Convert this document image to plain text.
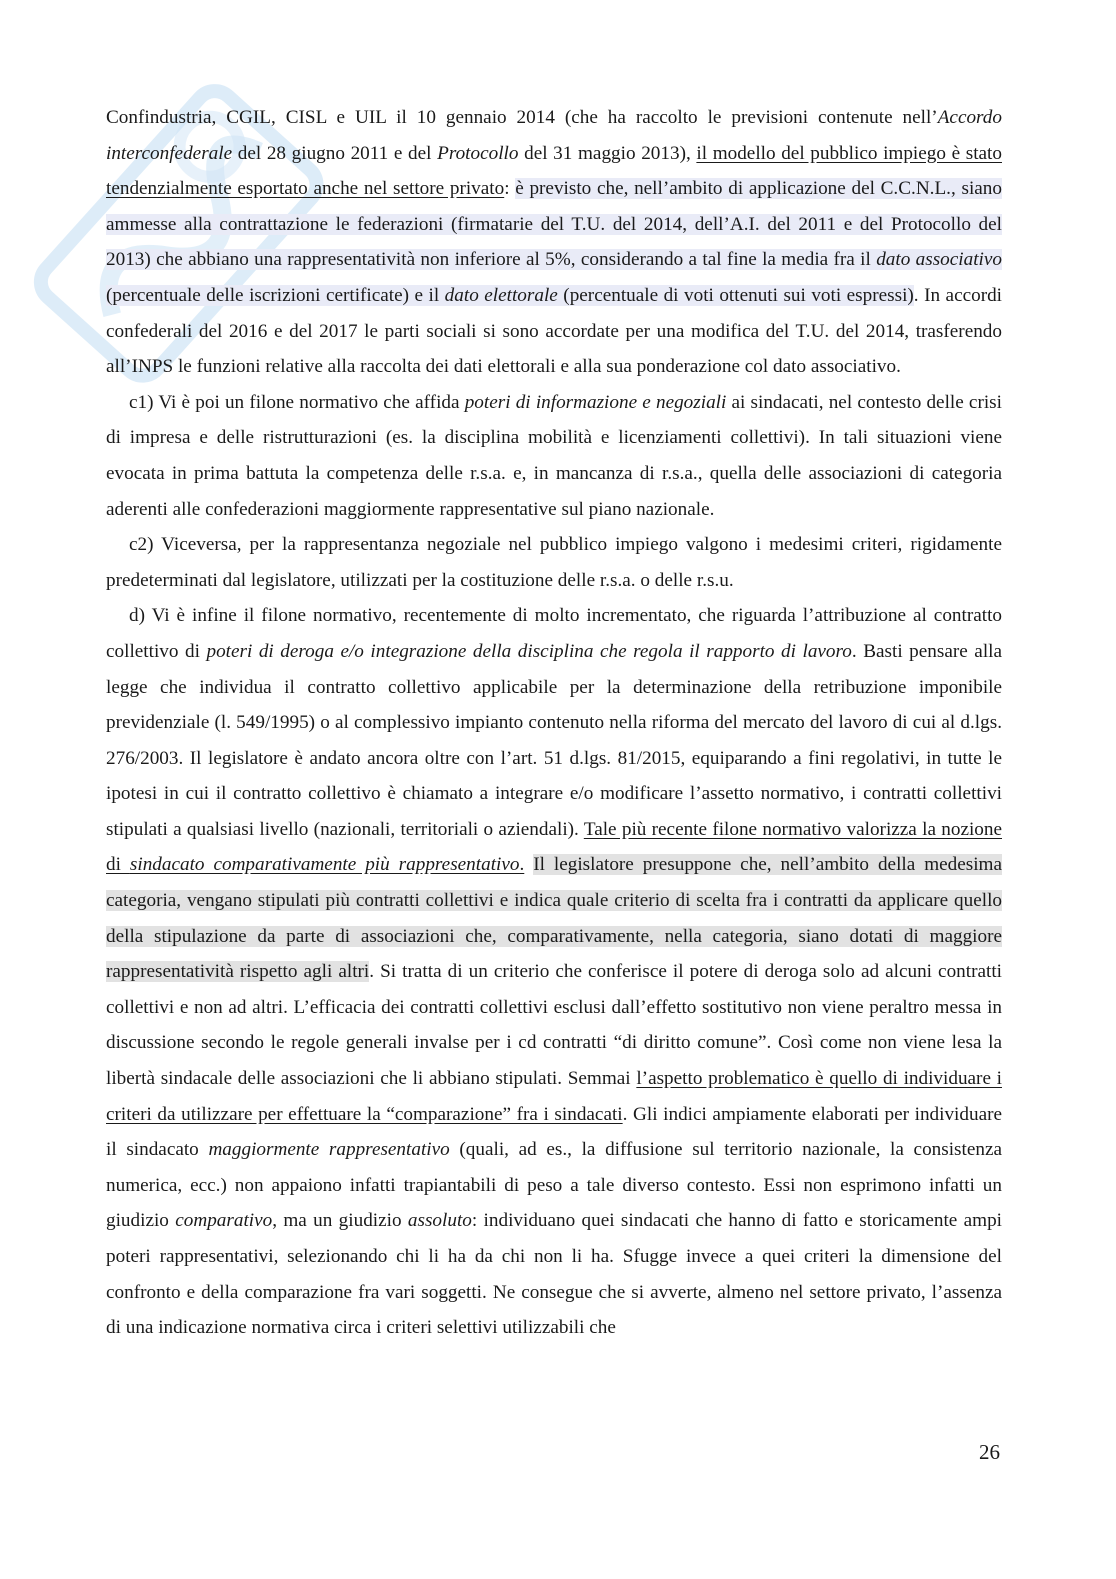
Confindustria, CGIL, CISL e UIL il 10 gennaio 2014 (che ha raccolto le previsioni contenute nell’Accordo interconfederale del 28 giugno 2011 e del Protocollo del 31 maggio 2013), il modello del pubblico impiego è stato tendenzialmente esportato anche nel settore privato: è previsto che, nell’ambito di applicazione del C.C.N.L., siano ammesse alla contrattazione le federazioni (firmatarie del T.U. del 2014, dell’A.I. del 2011 e del Protocollo del 2013) che abbiano una rappresentatività non inferiore al 5%, considerando a tal fine la media fra il dato associativo (percentuale delle iscrizioni certificate) e il dato elettorale (percentuale di voti ottenuti sui voti espressi). In accordi confederali del 2016 e del 2017 le parti sociali si sono accordate per una modifica del T.U. del 2014, trasferendo all’INPS le funzioni relative alla raccolta dei dati elettorali e alla sua ponderazione col dato associativo.

c1) Vi è poi un filone normativo che affida poteri di informazione e negoziali ai sindacati, nel contesto delle crisi di impresa e delle ristrutturazioni (es. la disciplina mobilità e licenziamenti collettivi). In tali situazioni viene evocata in prima battuta la competenza delle r.s.a. e, in mancanza di r.s.a., quella delle associazioni di categoria aderenti alle confederazioni maggiormente rappresentative sul piano nazionale.

c2) Viceversa, per la rappresentanza negoziale nel pubblico impiego valgono i medesimi criteri, rigidamente predeterminati dal legislatore, utilizzati per la costituzione delle r.s.a. o delle r.s.u.

d) Vi è infine il filone normativo, recentemente di molto incrementato, che riguarda l’attribuzione al contratto collettivo di poteri di deroga e/o integrazione della disciplina che regola il rapporto di lavoro. Basti pensare alla legge che individua il contratto collettivo applicabile per la determinazione della retribuzione imponibile previdenziale (l. 549/1995) o al complessivo impianto contenuto nella riforma del mercato del lavoro di cui al d.lgs. 276/2003. Il legislatore è andato ancora oltre con l’art. 51 d.lgs. 81/2015, equiparando a fini regolativi, in tutte le ipotesi in cui il contratto collettivo è chiamato a integrare e/o modificare l’assetto normativo, i contratti collettivi stipulati a qualsiasi livello (nazionali, territoriali o aziendali). Tale più recente filone normativo valorizza la nozione di sindacato comparativamente più rappresentativo. Il legislatore presuppone che, nell’ambito della medesima categoria, vengano stipulati più contratti collettivi e indica quale criterio di scelta fra i contratti da applicare quello della stipulazione da parte di associazioni che, comparativamente, nella categoria, siano dotati di maggiore rappresentatività rispetto agli altri. Si tratta di un criterio che conferisce il potere di deroga solo ad alcuni contratti collettivi e non ad altri. L’efficacia dei contratti collettivi esclusi dall’effetto sostitutivo non viene peraltro messa in discussione secondo le regole generali invalse per i cd contratti “di diritto comune”. Così come non viene lesa la libertà sindacale delle associazioni che li abbiano stipulati. Semmai l’aspetto problematico è quello di individuare i criteri da utilizzare per effettuare la “comparazione” fra i sindacati. Gli indici ampiamente elaborati per individuare il sindacato maggiormente rappresentativo (quali, ad es., la diffusione sul territorio nazionale, la consistenza numerica, ecc.) non appaiono infatti trapiantabili di peso a tale diverso contesto. Essi non esprimono infatti un giudizio comparativo, ma un giudizio assoluto: individuano quei sindacati che hanno di fatto e storicamente ampi poteri rappresentativi, selezionando chi li ha da chi non li ha. Sfugge invece a quei criteri la dimensione del confronto e della comparazione fra vari soggetti. Ne consegue che si avverte, almeno nel settore privato, l’assenza di una indicazione normativa circa i criteri selettivi utilizzabili che

26
